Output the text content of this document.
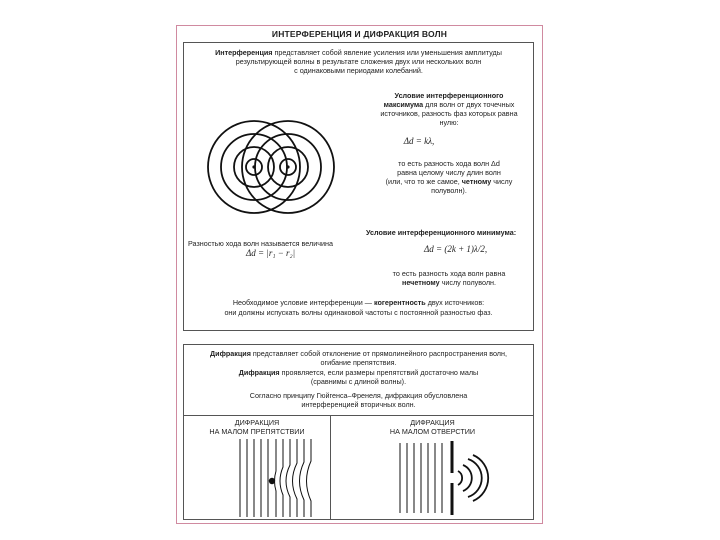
ИНТЕРФЕРЕНЦИЯ И ДИФРАКЦИЯ ВОЛН
Интерференция представляет собой явление усиления или уменьшения амплитуды
результирующей волны в результате сложения двух или нескольких волн
с одинаковыми периодами колебаний.
Условие интерференционного
максимума для волн от двух точечных
источников, разность фаз которых равна
нулю:
Δd = kλ,
то есть разность хода волн Δd
равна целому числу длин волн
(или, что то же самое, четному числу
полуволн).
Разностью хода волн называется величина
Δd = |r₁ − r₂|
Условие интерференционного минимума:
Δd = (2k + 1)λ/2,
то есть разность хода волн равна
нечетному числу полуволн.
Необходимое условие интерференции — когерентность двух источников:
они должны испускать волны одинаковой частоты с постоянной разностью фаз.
Дифракция представляет собой отклонение от прямолинейного распространения волн,
огибание препятствия.
Дифракция проявляется, если размеры препятствий достаточно малы
(сравнимы с длиной волны).
Согласно принципу Гюйгенса–Френеля, дифракция обусловлена
интерференцией вторичных волн.
ДИФРАКЦИЯ
НА МАЛОМ ПРЕПЯТСТВИИ
ДИФРАКЦИЯ
НА МАЛОМ ОТВЕРСТИИ
